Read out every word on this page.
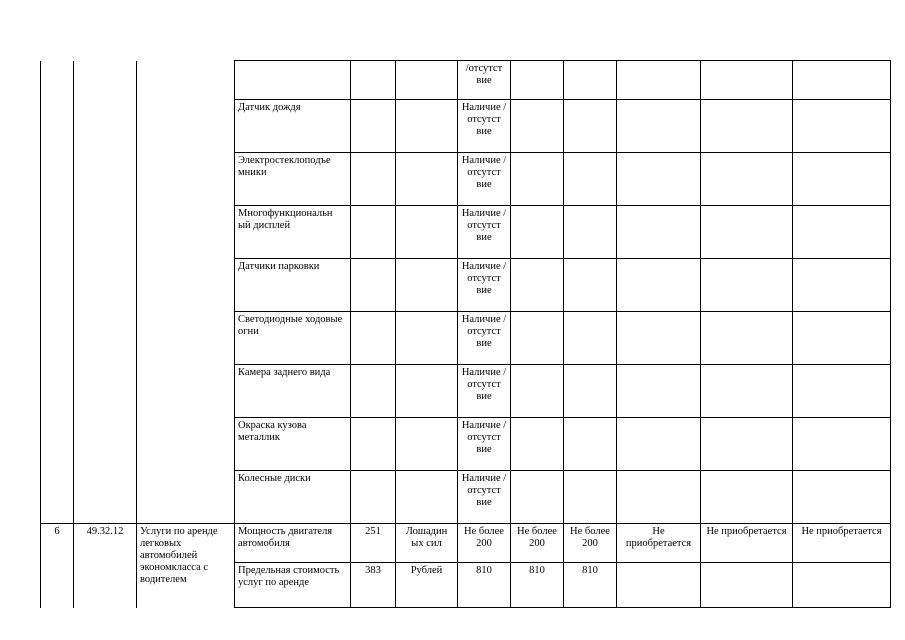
						/отсутст вие					
			Датчик дождя			Наличие /отсутст вие					
			Электростеклоподъе мники			Наличие /отсутст вие					
			Многофункциональн ый дисплей			Наличие /отсутст вие					
			Датчики парковки			Наличие /отсутст вие					
			Светодиодные ходовые огни			Наличие /отсутст вие					
			Камера заднего вида			Наличие /отсутст вие					
			Окраска кузова металлик			Наличие /отсутст вие					
			Колесные диски			Наличие /отсутст вие					
6	49.32.12	Услуги по аренде легковых автомобилей экономкласса с водителем	Мощность двигателя автомобиля	251	Лошадин ых сил	Не более 200	Не более 200	Не более 200	Не приобретается	Не приобретается	Не приобретается
			Предельная стоимость услуг по аренде	383	Рублей	810	810	810			
